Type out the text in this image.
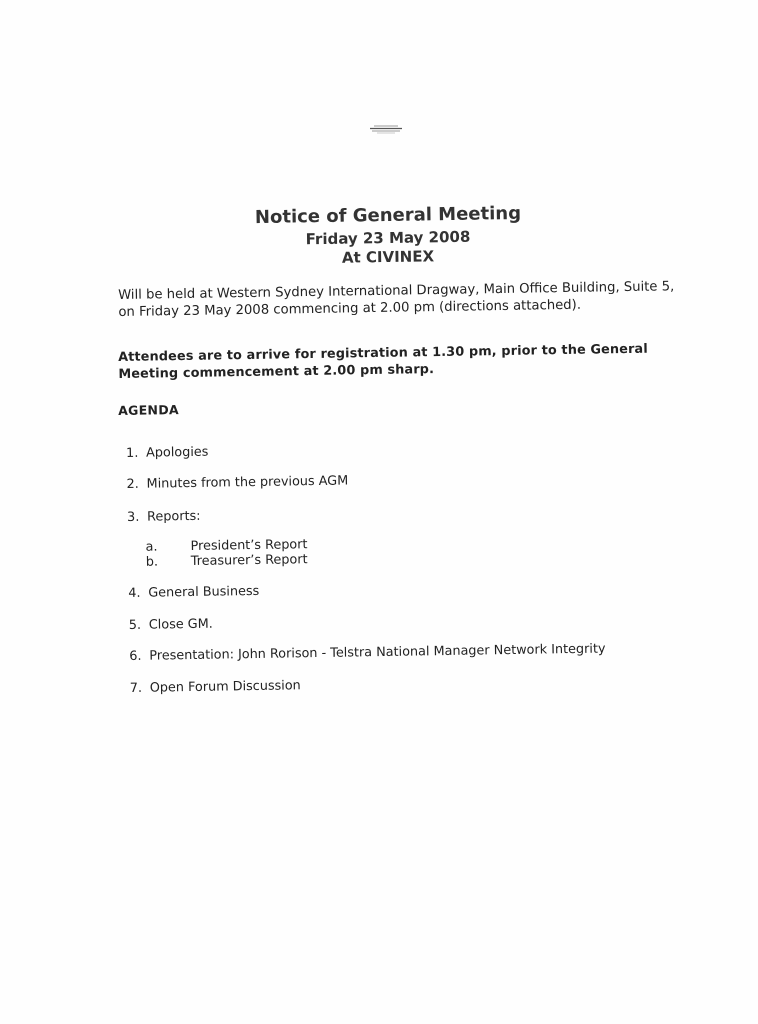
Notice of General Meeting
Friday 23 May 2008
At CIVINEX
Will be held at Western Sydney International Dragway, Main Office Building, Suite 5,
on Friday 23 May 2008 commencing at 2.00 pm (directions attached).
Attendees are to arrive for registration at 1.30 pm, prior to the General
Meeting commencement at 2.00 pm sharp.
AGENDA
1. Apologies
2. Minutes from the previous AGM
3. Reports:
a.	President’s Report
b.	Treasurer’s Report
4. General Business
5. Close GM.
6. Presentation: John Rorison - Telstra National Manager Network Integrity
7. Open Forum Discussion
